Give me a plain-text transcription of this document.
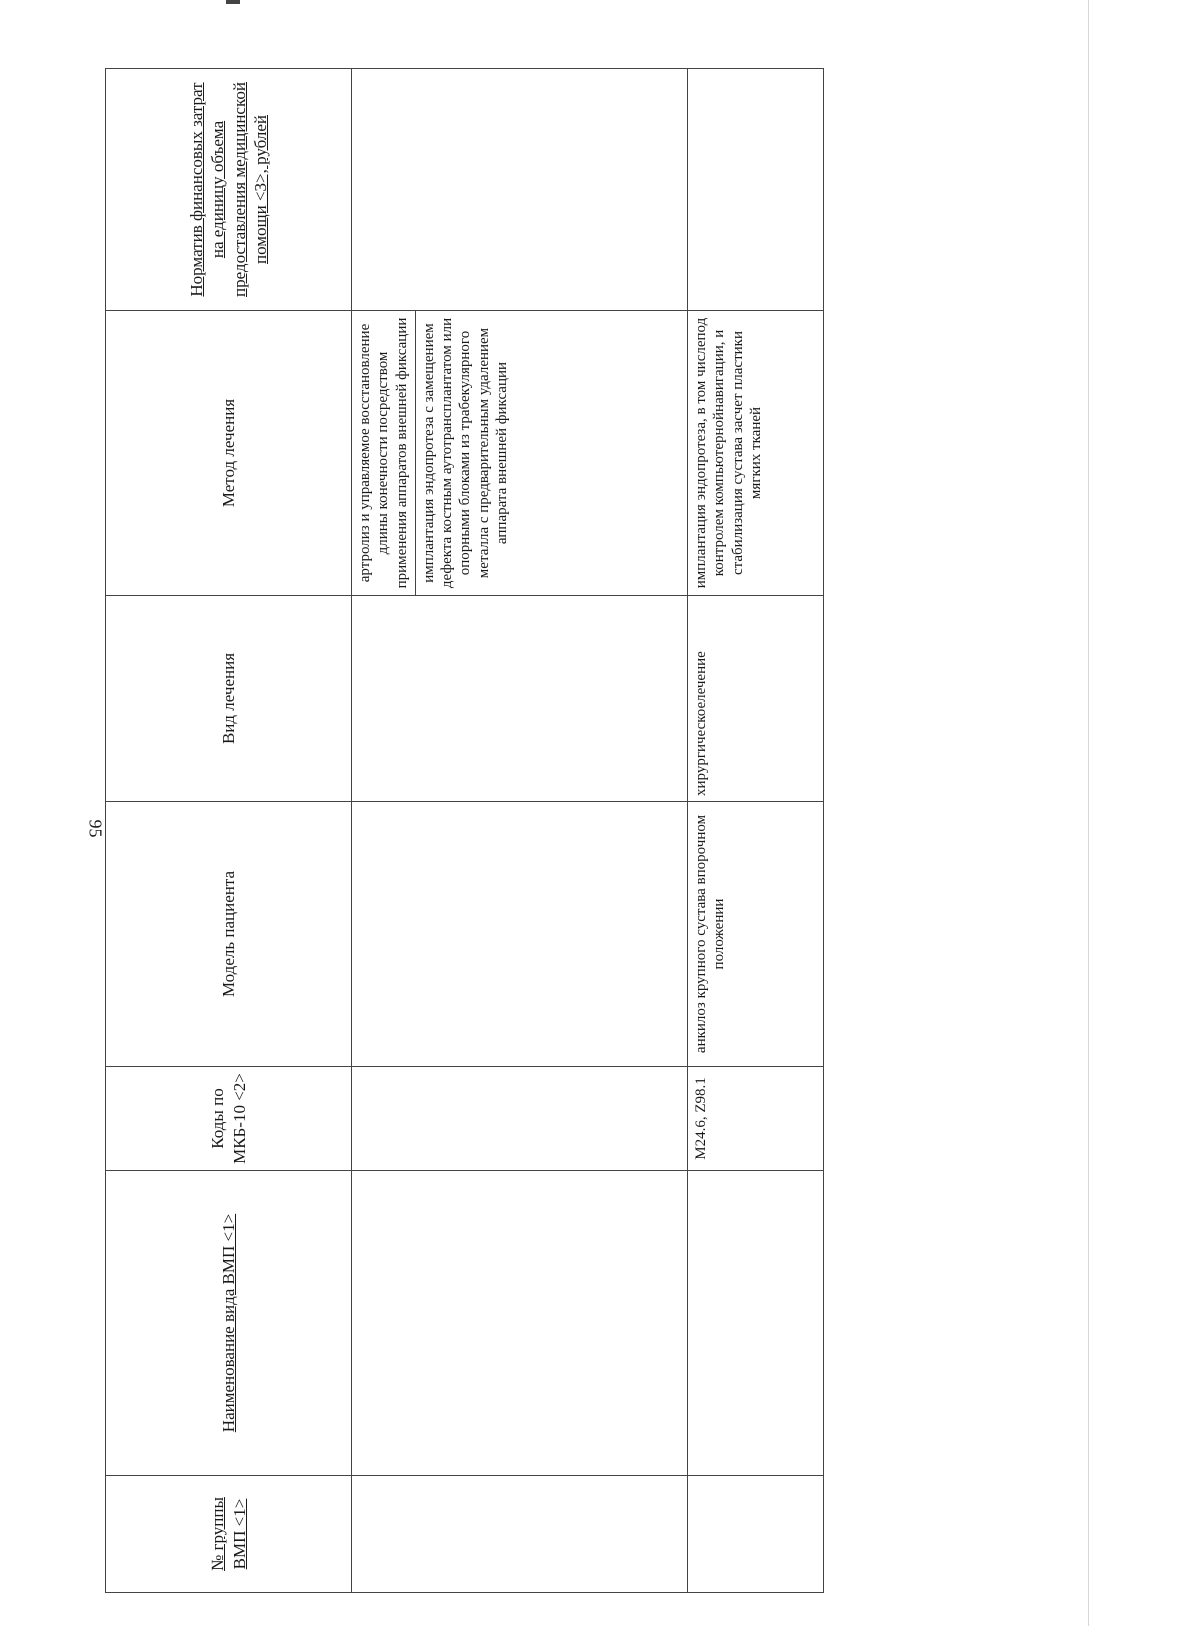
95
№ группы ВМП <1>	Наименование вида ВМП <1>	Коды по МКБ-10 <2>	Модель пациента	Вид лечения	Метод лечения	Норматив финансовых затрат на единицу объема предоставления медицинской помощи <3>, рублей

					артролиз и управляемое восстановление длины конечности посредством применения аппаратов внешней фиксации имплантация эндопротеза с замещением дефекта костным аутотрансплантатом или опорными блоками из трабекулярного металла с предварительным удалением аппарата внешней фиксации	

		M24.6, Z98.1	анкилоз крупного сустава впорочном положении	хирургическоелечение	имплантация эндопротеза, в том числепод контролем компьютернойнавигации, и стабилизация сустава засчет пластики мягких тканей	
